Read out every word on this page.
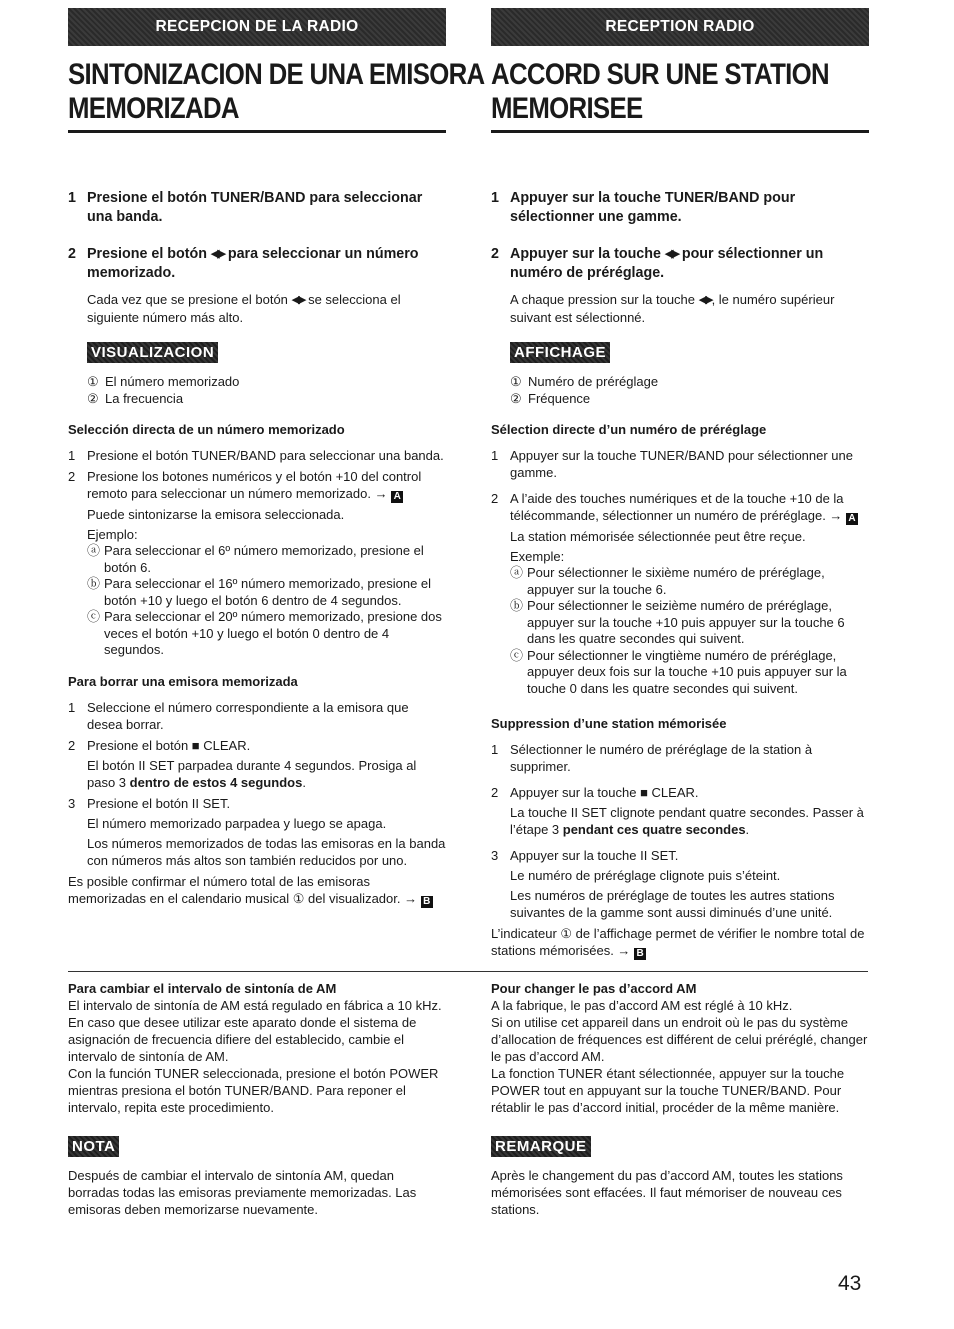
RECEPCION DE LA RADIO
SINTONIZACION DE UNA EMISORA
MEMORIZADA
1 Presione el botón TUNER/BAND para seleccionar una banda.
2 Presione el botón ◀▶ para seleccionar un número memorizado.
Cada vez que se presione el botón ◀▶ se selecciona el siguiente número más alto.
VISUALIZACION
① El número memorizado
② La frecuencia
Selección directa de un número memorizado
1 Presione el botón TUNER/BAND para seleccionar una banda.
2 Presione los botones numéricos y el botón +10 del control remoto para seleccionar un número memorizado. → A
Puede sintonizarse la emisora seleccionada.
Ejemplo:
ⓐ Para seleccionar el 6º número memorizado, presione el botón 6.
ⓑ Para seleccionar el 16º número memorizado, presione el botón +10 y luego el botón 6 dentro de 4 segundos.
ⓒ Para seleccionar el 20º número memorizado, presione dos veces el botón +10 y luego el botón 0 dentro de 4 segundos.
Para borrar una emisora memorizada
1 Seleccione el número correspondiente a la emisora que desea borrar.
2 Presione el botón ■ CLEAR.
El botón II SET parpadea durante 4 segundos. Prosiga al paso 3 dentro de estos 4 segundos.
3 Presione el botón II SET.
El número memorizado parpadea y luego se apaga.
Los números memorizados de todas las emisoras en la banda con números más altos son también reducidos por uno.
Es posible confirmar el número total de las emisoras memorizadas en el calendario musical ① del visualizador. → B
RECEPTION RADIO
ACCORD SUR UNE STATION
MEMORISEE
1 Appuyer sur la touche TUNER/BAND pour sélectionner une gamme.
2 Appuyer sur la touche ◀▶ pour sélectionner un numéro de préréglage.
A chaque pression sur la touche ◀▶, le numéro supérieur suivant est sélectionné.
AFFICHAGE
① Numéro de préréglage
② Fréquence
Sélection directe d’un numéro de préréglage
1 Appuyer sur la touche TUNER/BAND pour sélectionner une gamme.
2 A l’aide des touches numériques et de la touche +10 de la télécommande, sélectionner un numéro de préréglage. → A
La station mémorisée sélectionnée peut être reçue.
Exemple:
ⓐ Pour sélectionner le sixième numéro de préréglage, appuyer sur la touche 6.
ⓑ Pour sélectionner le seizième numéro de préréglage, appuyer sur la touche +10 puis appuyer sur la touche 6 dans les quatre secondes qui suivent.
ⓒ Pour sélectionner le vingtième numéro de préréglage, appuyer deux fois sur la touche +10 puis appuyer sur la touche 0 dans les quatre secondes qui suivent.
Suppression d’une station mémorisée
1 Sélectionner le numéro de préréglage de la station à supprimer.
2 Appuyer sur la touche ■ CLEAR.
La touche II SET clignote pendant quatre secondes. Passer à l’étape 3 pendant ces quatre secondes.
3 Appuyer sur la touche II SET.
Le numéro de préréglage clignote puis s’éteint.
Les numéros de préréglage de toutes les autres stations suivantes de la gamme sont aussi diminués d’une unité.
L’indicateur ① de l’affichage permet de vérifier le nombre total de stations mémorisées. → B
Para cambiar el intervalo de sintonía de AM
El intervalo de sintonía de AM está regulado en fábrica a 10 kHz. En caso que desee utilizar este aparato donde el sistema de asignación de frecuencia difiere del establecido, cambie el intervalo de sintonía de AM.
Con la función TUNER seleccionada, presione el botón POWER mientras presiona el botón TUNER/BAND. Para reponer el intervalo, repita este procedimiento.
NOTA
Después de cambiar el intervalo de sintonía AM, quedan borradas todas las emisoras previamente memorizadas. Las emisoras deben memorizarse nuevamente.
Pour changer le pas d’accord AM
A la fabrique, le pas d’accord AM est réglé à 10 kHz.
Si on utilise cet appareil dans un endroit où le pas du système d’allocation de fréquences est différent de celui préréglé, changer le pas d’accord AM.
La fonction TUNER étant sélectionnée, appuyer sur la touche POWER tout en appuyant sur la touche TUNER/BAND. Pour rétablir le pas d’accord initial, procéder de la même manière.
REMARQUE
Après le changement du pas d’accord AM, toutes les stations mémorisées sont effacées. Il faut mémoriser de nouveau ces stations.
43
